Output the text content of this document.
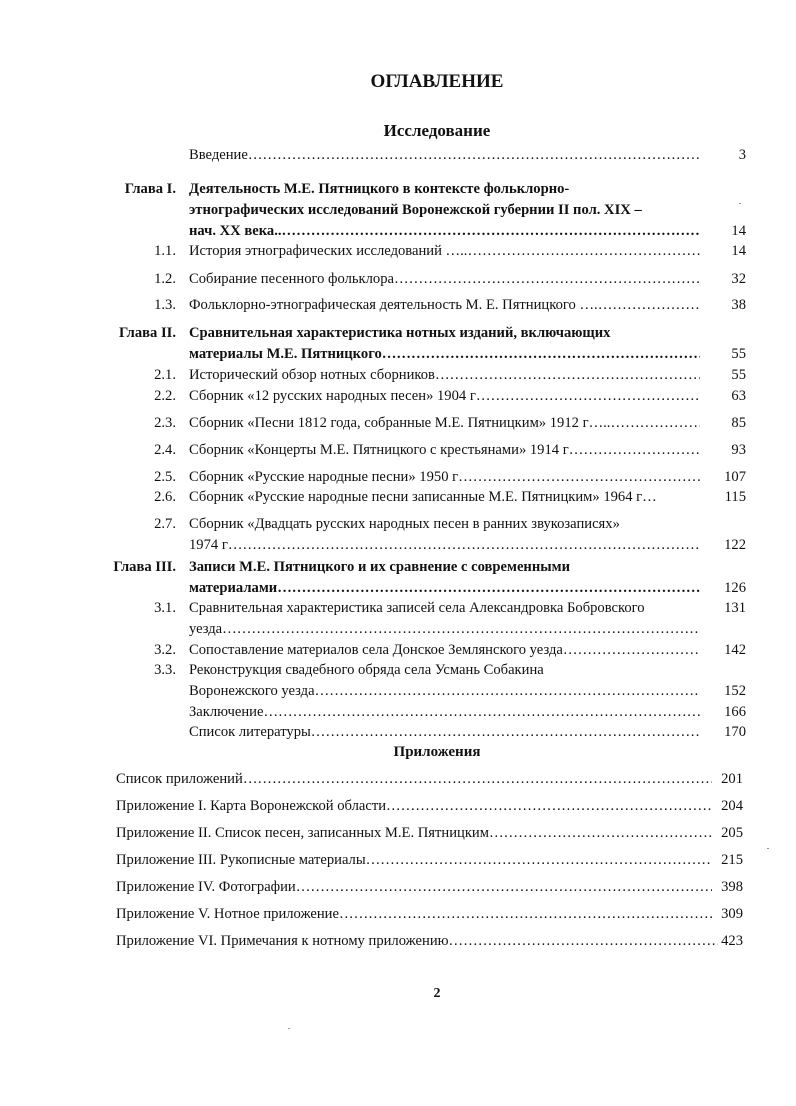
ОГЛАВЛЕНИЕ
Исследование
Введение ……………………………………………………………………………………………………………………………………………………………………………………	3
Глава I. Деятельность М.Е. Пятницкого в контексте фольклорно-
этнографических исследований Воронежской губернии II пол. XIX –
нач. XX века.. ……………………………………………………………………………………………………………………………………………………………………………………	14
1.1. История этнографических исследований ….. ……………………………………………………………………………………………………………………………………………………………………………………	14
1.2. Собирание песенного фольклора ……………………………………………………………………………………………………………………………………………………………………………………	32
1.3. Фольклорно-этнографическая деятельность М. Е. Пятницкого …. ……………………………………………………………………………………………………………………………………………………………………………………	38
Глава II. Сравнительная характеристика нотных изданий, включающих
материалы М.Е. Пятницкого ……………………………………………………………………………………………………………………………………………………………………………………	55
2.1. Исторический обзор нотных сборников ……………………………………………………………………………………………………………………………………………………………………………………	55
2.2. Сборник «12 русских народных песен» 1904 г ……………………………………………………………………………………………………………………………………………………………………………………	63
2.3. Сборник «Песни 1812 года, собранные М.Е. Пятницким» 1912 г….. ……………………………………………………………………………………………………………………………………………………………………………………	85
2.4. Сборник «Концерты М.Е. Пятницкого с крестьянами» 1914 г ……………………………………………………………………………………………………………………………………………………………………………………	93
2.5. Сборник «Русские народные песни» 1950 г ……………………………………………………………………………………………………………………………………………………………………………………	107
2.6. Сборник «Русские народные песни записанные М.Е. Пятницким» 1964 г…	115
2.7. Сборник «Двадцать русских народных песен в ранних звукозаписях»
1974 г ……………………………………………………………………………………………………………………………………………………………………………………	122
Глава III. Записи М.Е. Пятницкого и их сравнение с современными
материалами ……………………………………………………………………………………………………………………………………………………………………………………	126
3.1. Сравнительная характеристика записей села Александровка Бобровского	131
уезда
……………………………………………………………………………………………………………………………………………………………………………………
3.2. Сопоставление материалов села Донское Землянского уезда ……………………………………………………………………………………………………………………………………………………………………………………	142
3.3. Реконструкция свадебного обряда села Усмань Собакина
Воронежского уезда ……………………………………………………………………………………………………………………………………………………………………………………	152
Заключение ……………………………………………………………………………………………………………………………………………………………………………………	166
Список литературы ……………………………………………………………………………………………………………………………………………………………………………………	170
Приложения
Список приложений ……………………………………………………………………………………………………………………………………………………………………………………	201
Приложение I. Карта Воронежской области ……………………………………………………………………………………………………………………………………………………………………………………	204
Приложение II. Список песен, записанных М.Е. Пятницким ……………………………………………………………………………………………………………………………………………………………………………………	205
Приложение III. Рукописные материалы ……………………………………………………………………………………………………………………………………………………………………………………	215
Приложение IV. Фотографии ……………………………………………………………………………………………………………………………………………………………………………………	398
Приложение V. Нотное приложение ……………………………………………………………………………………………………………………………………………………………………………………	309
Приложение VI. Примечания к нотному приложению ……………………………………………………………………………………………………………………………………………………………………………………	423
2
